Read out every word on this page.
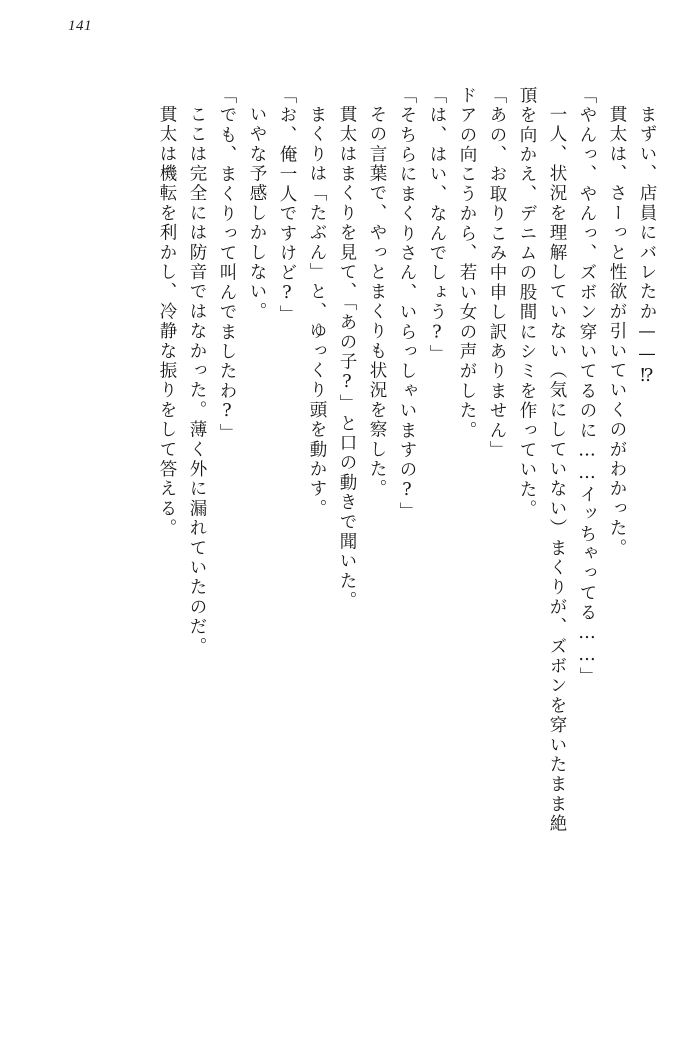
141
まずい、店員にバレたか——⁉
貫太は、さーっと性欲が引いていくのがわかった。
「やんっ、やんっ、ズボン穿いてるのに……イッちゃってる……」
一人、状況を理解していない（気にしていない）まくりが、ズボンを穿いたまま絶
頂を向かえ、デニムの股間にシミを作っていた。
「あの、お取りこみ中申し訳ありません」
ドアの向こうから、若い女の声がした。
「は、はい、なんでしょう?」
「そちらにまくりさん、いらっしゃいますの?」
その言葉で、やっとまくりも状況を察した。
貫太はまくりを見て、「あの子?」と口の動きで聞いた。
まくりは「たぶん」と、ゆっくり頭を動かす。
「お、俺一人ですけど?」
いやな予感しかしない。
「でも、まくりって叫んでましたわ?」
ここは完全には防音ではなかった。薄く外に漏れていたのだ。
貫太は機転を利かし、冷静な振りをして答える。
